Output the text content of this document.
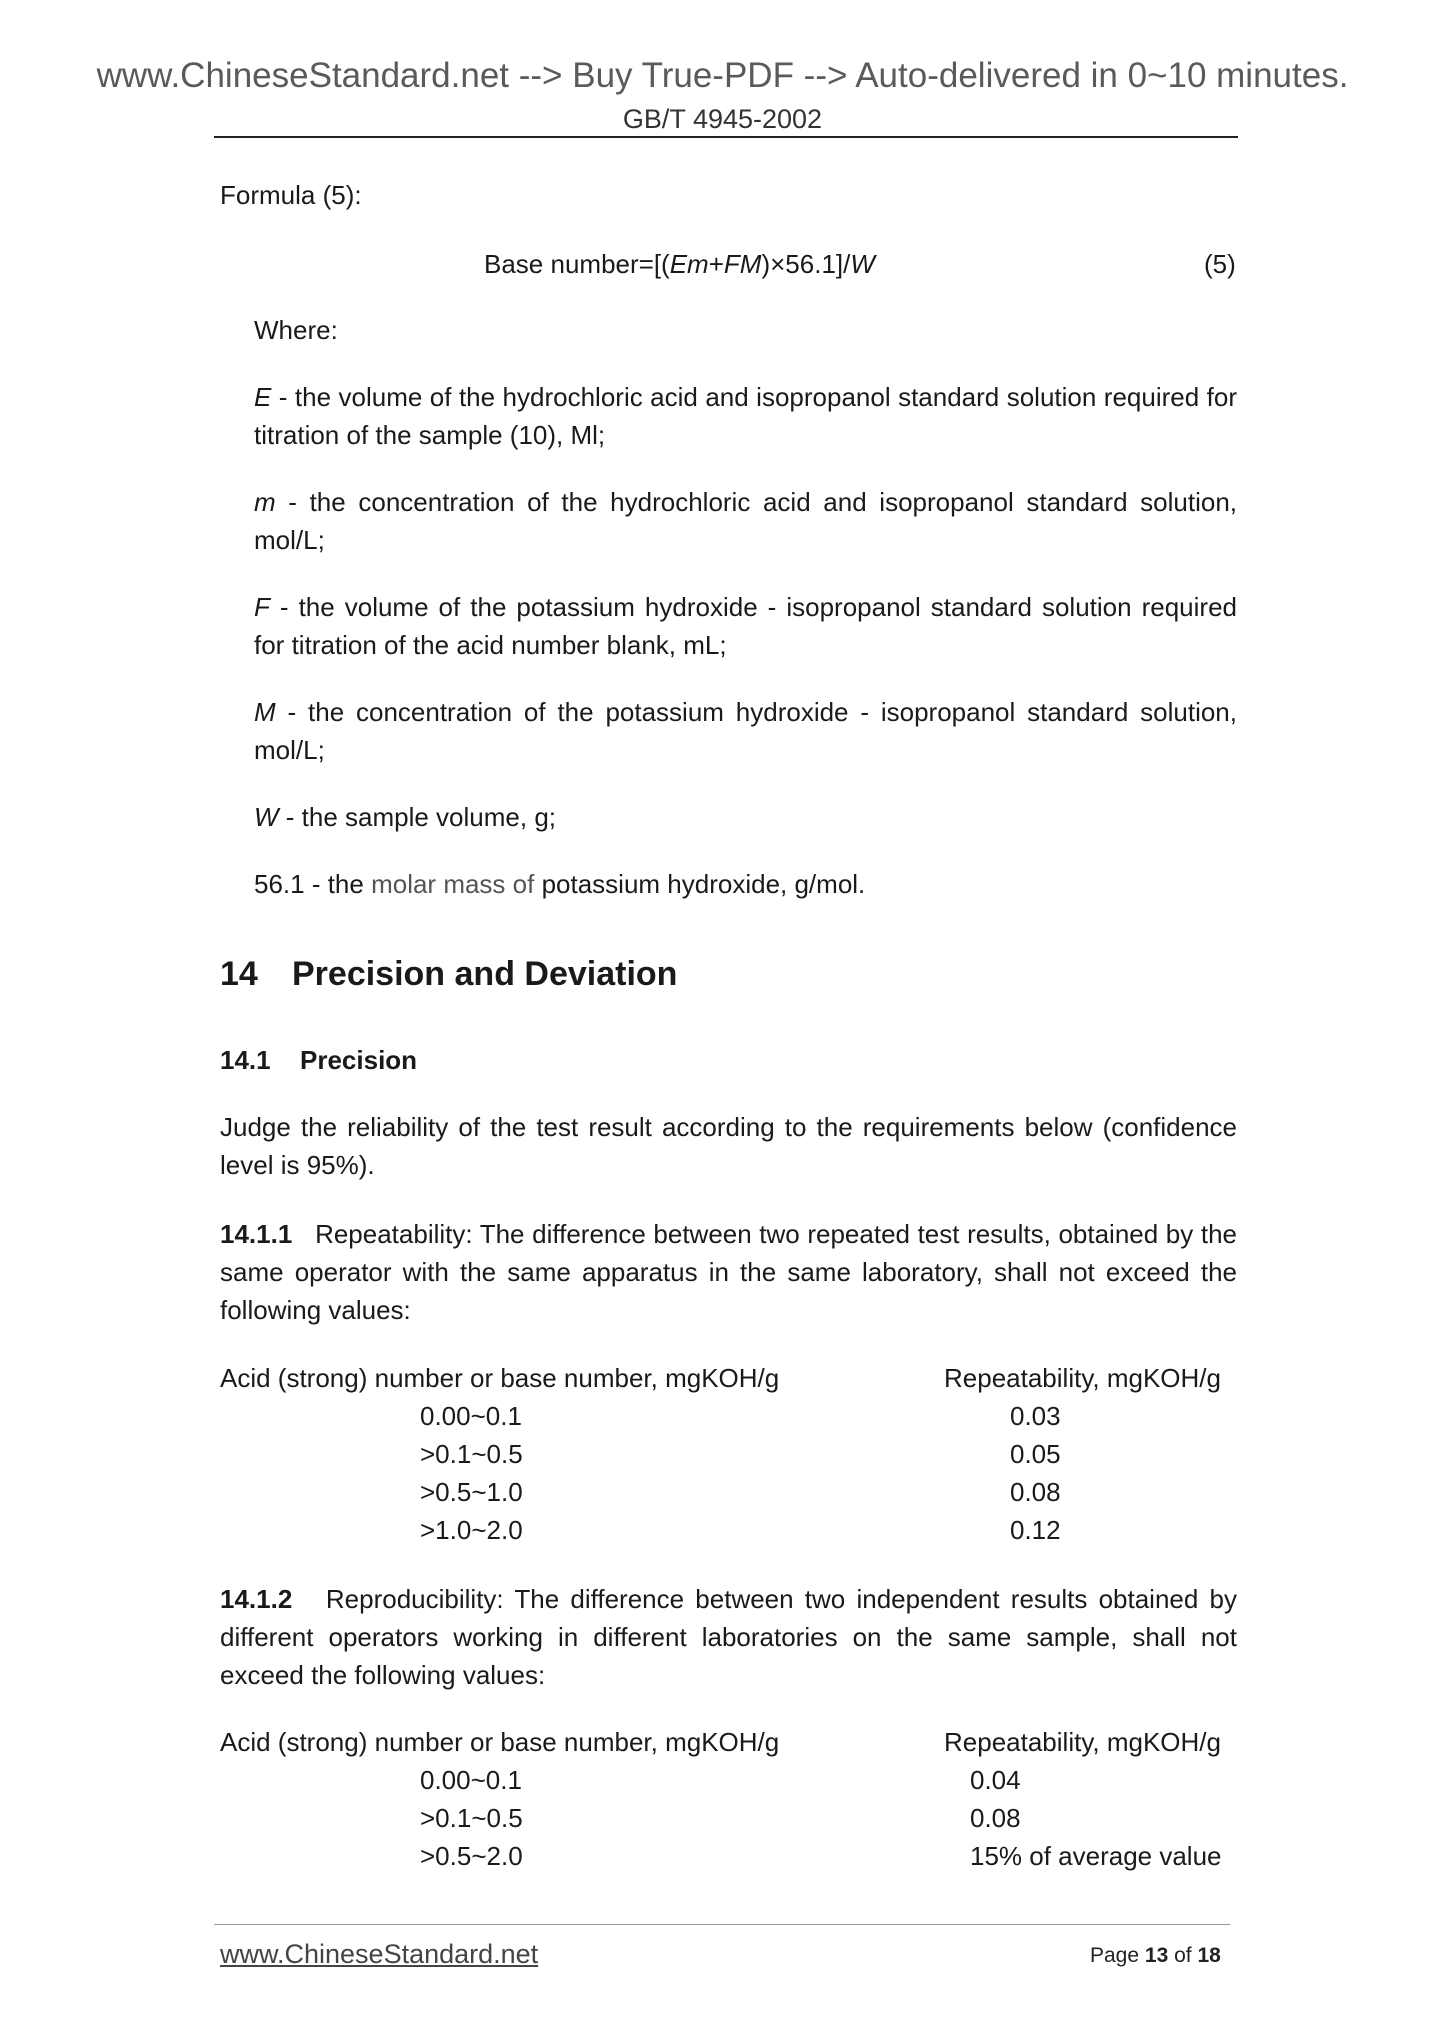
www.ChineseStandard.net --> Buy True-PDF --> Auto-delivered in 0~10 minutes.
GB/T 4945-2002
Formula (5):
Base number=[(Em+FM)×56.1]/W	(5)
Where:
E - the volume of the hydrochloric acid and isopropanol standard solution required for titration of the sample (10), Ml;
m - the concentration of the hydrochloric acid and isopropanol standard solution, mol/L;
F - the volume of the potassium hydroxide - isopropanol standard solution required for titration of the acid number blank, mL;
M - the concentration of the potassium hydroxide - isopropanol standard solution, mol/L;
W - the sample volume, g;
56.1 - the molar mass of potassium hydroxide, g/mol.
14 Precision and Deviation
14.1 Precision
Judge the reliability of the test result according to the requirements below (confidence level is 95%).
14.1.1 Repeatability: The difference between two repeated test results, obtained by the same operator with the same apparatus in the same laboratory, shall not exceed the following values:
Acid (strong) number or base number, mgKOH/g	Repeatability, mgKOH/g
0.00~0.1	0.03
>0.1~0.5	0.05
>0.5~1.0	0.08
>1.0~2.0	0.12
14.1.2 Reproducibility: The difference between two independent results obtained by different operators working in different laboratories on the same sample, shall not exceed the following values:
Acid (strong) number or base number, mgKOH/g	Repeatability, mgKOH/g
0.00~0.1	0.04
>0.1~0.5	0.08
>0.5~2.0	15% of average value
www.ChineseStandard.net	Page 13 of 18
